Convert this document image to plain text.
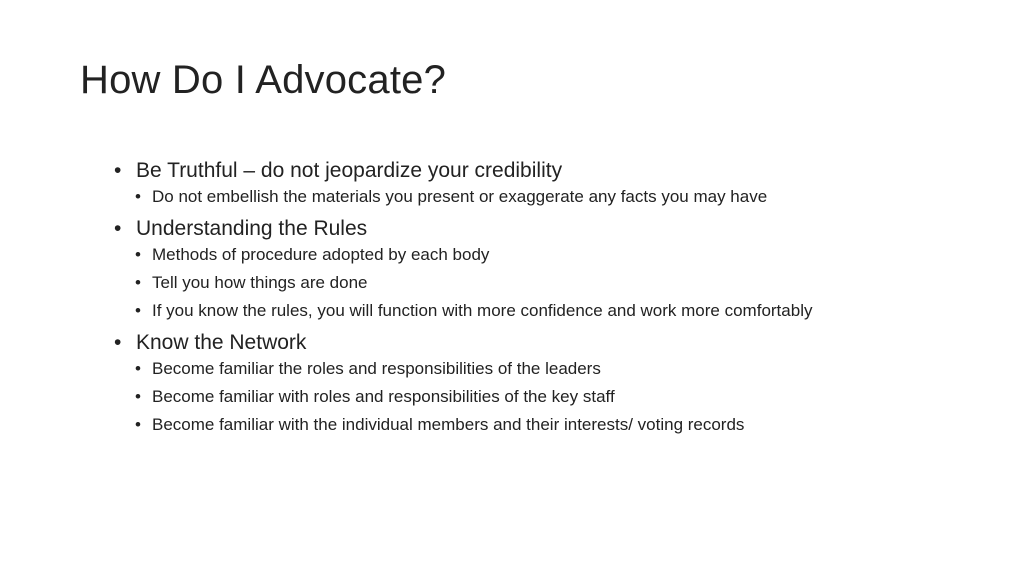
How Do I Advocate?
• Be Truthful – do not jeopardize your credibility
• Do not embellish the materials you present or exaggerate any facts you may have
• Understanding the Rules
• Methods of procedure adopted by each body
• Tell you how things are done
• If you know the rules, you will function with more confidence and work more comfortably
• Know the Network
• Become familiar the roles and responsibilities of the leaders
• Become familiar with roles and responsibilities of the key staff
• Become familiar with the individual members and their interests/ voting records
